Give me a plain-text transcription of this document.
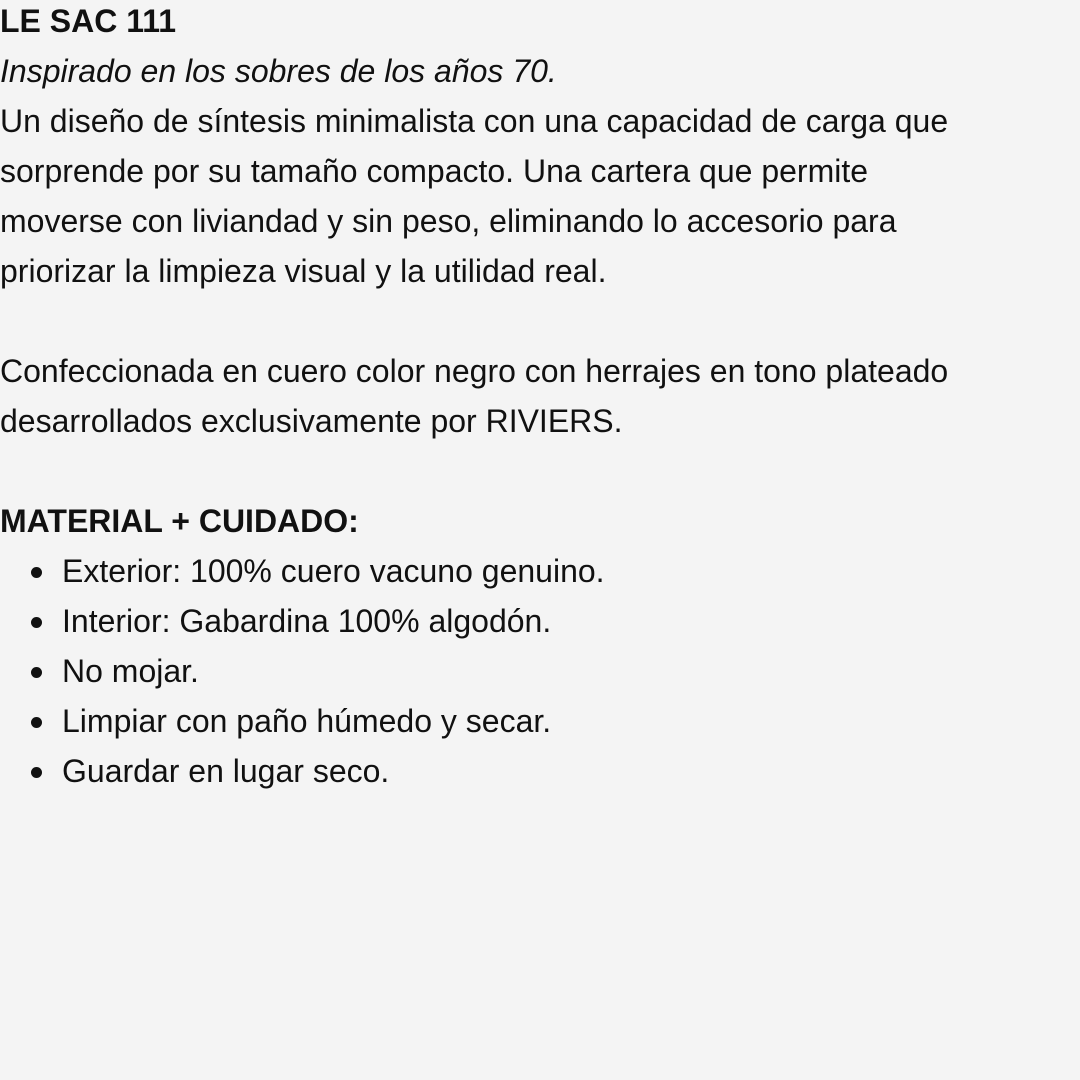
LE SAC 111
Inspirado en los sobres de los años 70.
Un diseño de síntesis minimalista con una capacidad de carga que
sorprende por su tamaño compacto. Una cartera que permite
moverse con liviandad y sin peso, eliminando lo accesorio para
priorizar la limpieza visual y la utilidad real.
Confeccionada en cuero color negro con herrajes en tono plateado
desarrollados exclusivamente por RIVIERS.
MATERIAL + CUIDADO:
Exterior: 100% cuero vacuno genuino.
Interior: Gabardina 100% algodón.
No mojar.
Limpiar con paño húmedo y secar.
Guardar en lugar seco.
